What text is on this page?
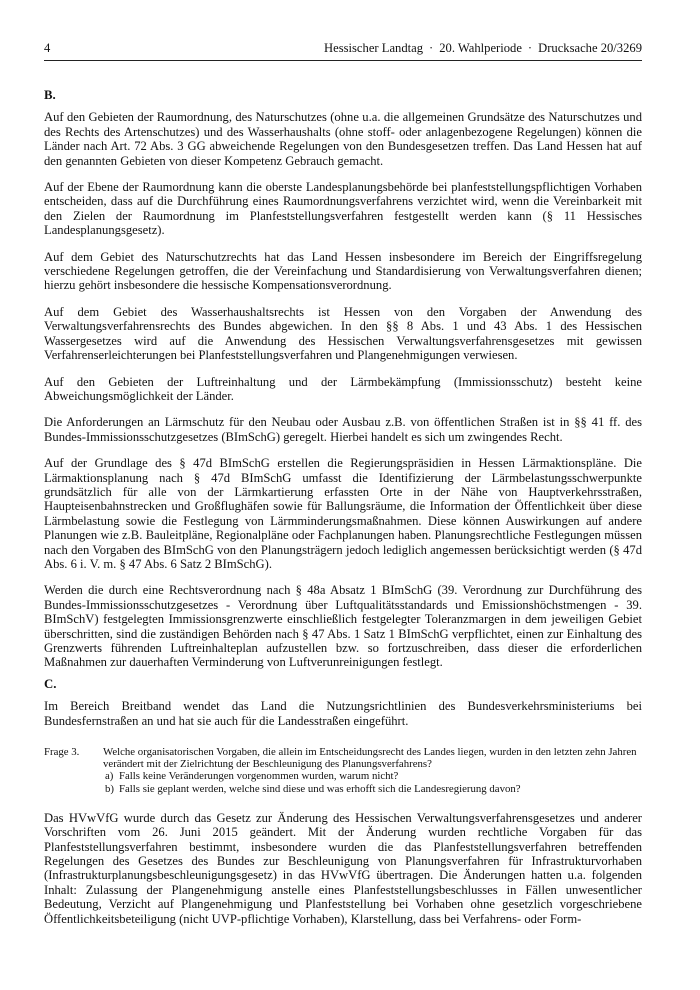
4	Hessischer Landtag · 20. Wahlperiode · Drucksache 20/3269
B.

Auf den Gebieten der Raumordnung, des Naturschutzes (ohne u.a. die allgemeinen Grundsätze des Naturschutzes und des Rechts des Artenschutzes) und des Wasserhaushalts (ohne stoff- oder anlagenbezogene Regelungen) können die Länder nach Art. 72 Abs. 3 GG abweichende Regelungen von den Bundesgesetzen treffen. Das Land Hessen hat auf den genannten Gebieten von dieser Kompetenz Gebrauch gemacht.

Auf der Ebene der Raumordnung kann die oberste Landesplanungsbehörde bei planfeststellungspflichtigen Vorhaben entscheiden, dass auf die Durchführung eines Raumordnungsverfahrens verzichtet wird, wenn die Vereinbarkeit mit den Zielen der Raumordnung im Planfeststellungsverfahren festgestellt werden kann (§ 11 Hessisches Landesplanungsgesetz).

Auf dem Gebiet des Naturschutzrechts hat das Land Hessen insbesondere im Bereich der Eingriffsregelung verschiedene Regelungen getroffen, die der Vereinfachung und Standardisierung von Verwaltungsverfahren dienen; hierzu gehört insbesondere die hessische Kompensationsverordnung.

Auf dem Gebiet des Wasserhaushaltsrechts ist Hessen von den Vorgaben der Anwendung des Verwaltungsverfahrensrechts des Bundes abgewichen. In den §§ 8 Abs. 1 und 43 Abs. 1 des Hessischen Wassergesetzes wird auf die Anwendung des Hessischen Verwaltungsverfahrensgesetzes mit gewissen Verfahrenserleichterungen bei Planfeststellungsverfahren und Plangenehmigungen verwiesen.

Auf den Gebieten der Luftreinhaltung und der Lärmbekämpfung (Immissionsschutz) besteht keine Abweichungsmöglichkeit der Länder.

Die Anforderungen an Lärmschutz für den Neubau oder Ausbau z.B. von öffentlichen Straßen ist in §§ 41 ff. des Bundes-Immissionsschutzgesetzes (BImSchG) geregelt. Hierbei handelt es sich um zwingendes Recht.

Auf der Grundlage des § 47d BImSchG erstellen die Regierungspräsidien in Hessen Lärmaktionspläne. Die Lärmaktionsplanung nach § 47d BImSchG umfasst die Identifizierung der Lärmbelastungsschwerpunkte grundsätzlich für alle von der Lärmkartierung erfassten Orte in der Nähe von Hauptverkehrsstraßen, Haupteisenbahnstrecken und Großflughäfen sowie für Ballungsräume, die Information der Öffentlichkeit über diese Lärmbelastung sowie die Festlegung von Lärmminderungsmaßnahmen. Diese können Auswirkungen auf andere Planungen wie z.B. Bauleitpläne, Regionalpläne oder Fachplanungen haben. Planungsrechtliche Festlegungen müssen nach den Vorgaben des BImSchG von den Planungsträgern jedoch lediglich angemessen berücksichtigt werden (§ 47d Abs. 6 i. V. m. § 47 Abs. 6 Satz 2 BImSchG).

Werden die durch eine Rechtsverordnung nach § 48a Absatz 1 BImSchG (39. Verordnung zur Durchführung des Bundes-Immissionsschutzgesetzes - Verordnung über Luftqualitätsstandards und Emissionshöchstmengen - 39. BImSchV) festgelegten Immissionsgrenzwerte einschließlich festgelegter Toleranzmargen in dem jeweiligen Gebiet überschritten, sind die zuständigen Behörden nach § 47 Abs. 1 Satz 1 BImSchG verpflichtet, einen zur Einhaltung des Grenzwerts führenden Luftreinhalteplan aufzustellen bzw. so fortzuschreiben, dass dieser die erforderlichen Maßnahmen zur dauerhaften Verminderung von Luftverunreinigungen festlegt.

C.

Im Bereich Breitband wendet das Land die Nutzungsrichtlinien des Bundesverkehrsministeriums bei Bundesfernstraßen an und hat sie auch für die Landesstraßen eingeführt.

Frage 3.	Welche organisatorischen Vorgaben, die allein im Entscheidungsrecht des Landes liegen, wurden in den letzten zehn Jahren verändert mit der Zielrichtung der Beschleunigung des Planungsverfahrens?
a) Falls keine Veränderungen vorgenommen wurden, warum nicht?
b) Falls sie geplant werden, welche sind diese und was erhofft sich die Landesregierung davon?

Das HVwVfG wurde durch das Gesetz zur Änderung des Hessischen Verwaltungsverfahrensgesetzes und anderer Vorschriften vom 26. Juni 2015 geändert. Mit der Änderung wurden rechtliche Vorgaben für das Planfeststellungsverfahren bestimmt, insbesondere wurden die das Planfeststellungsverfahren betreffenden Regelungen des Gesetzes des Bundes zur Beschleunigung von Planungsverfahren für Infrastrukturvorhaben (Infrastrukturplanungsbeschleunigungsgesetz) in das HVwVfG übertragen. Die Änderungen hatten u.a. folgenden Inhalt: Zulassung der Plangenehmigung anstelle eines Planfeststellungsbeschlusses in Fällen unwesentlicher Bedeutung, Verzicht auf Plangenehmigung und Planfeststellung bei Vorhaben ohne gesetzlich vorgeschriebene Öffentlichkeitsbeteiligung (nicht UVP-pflichtige Vorhaben), Klarstellung, dass bei Verfahrens- oder Form-
